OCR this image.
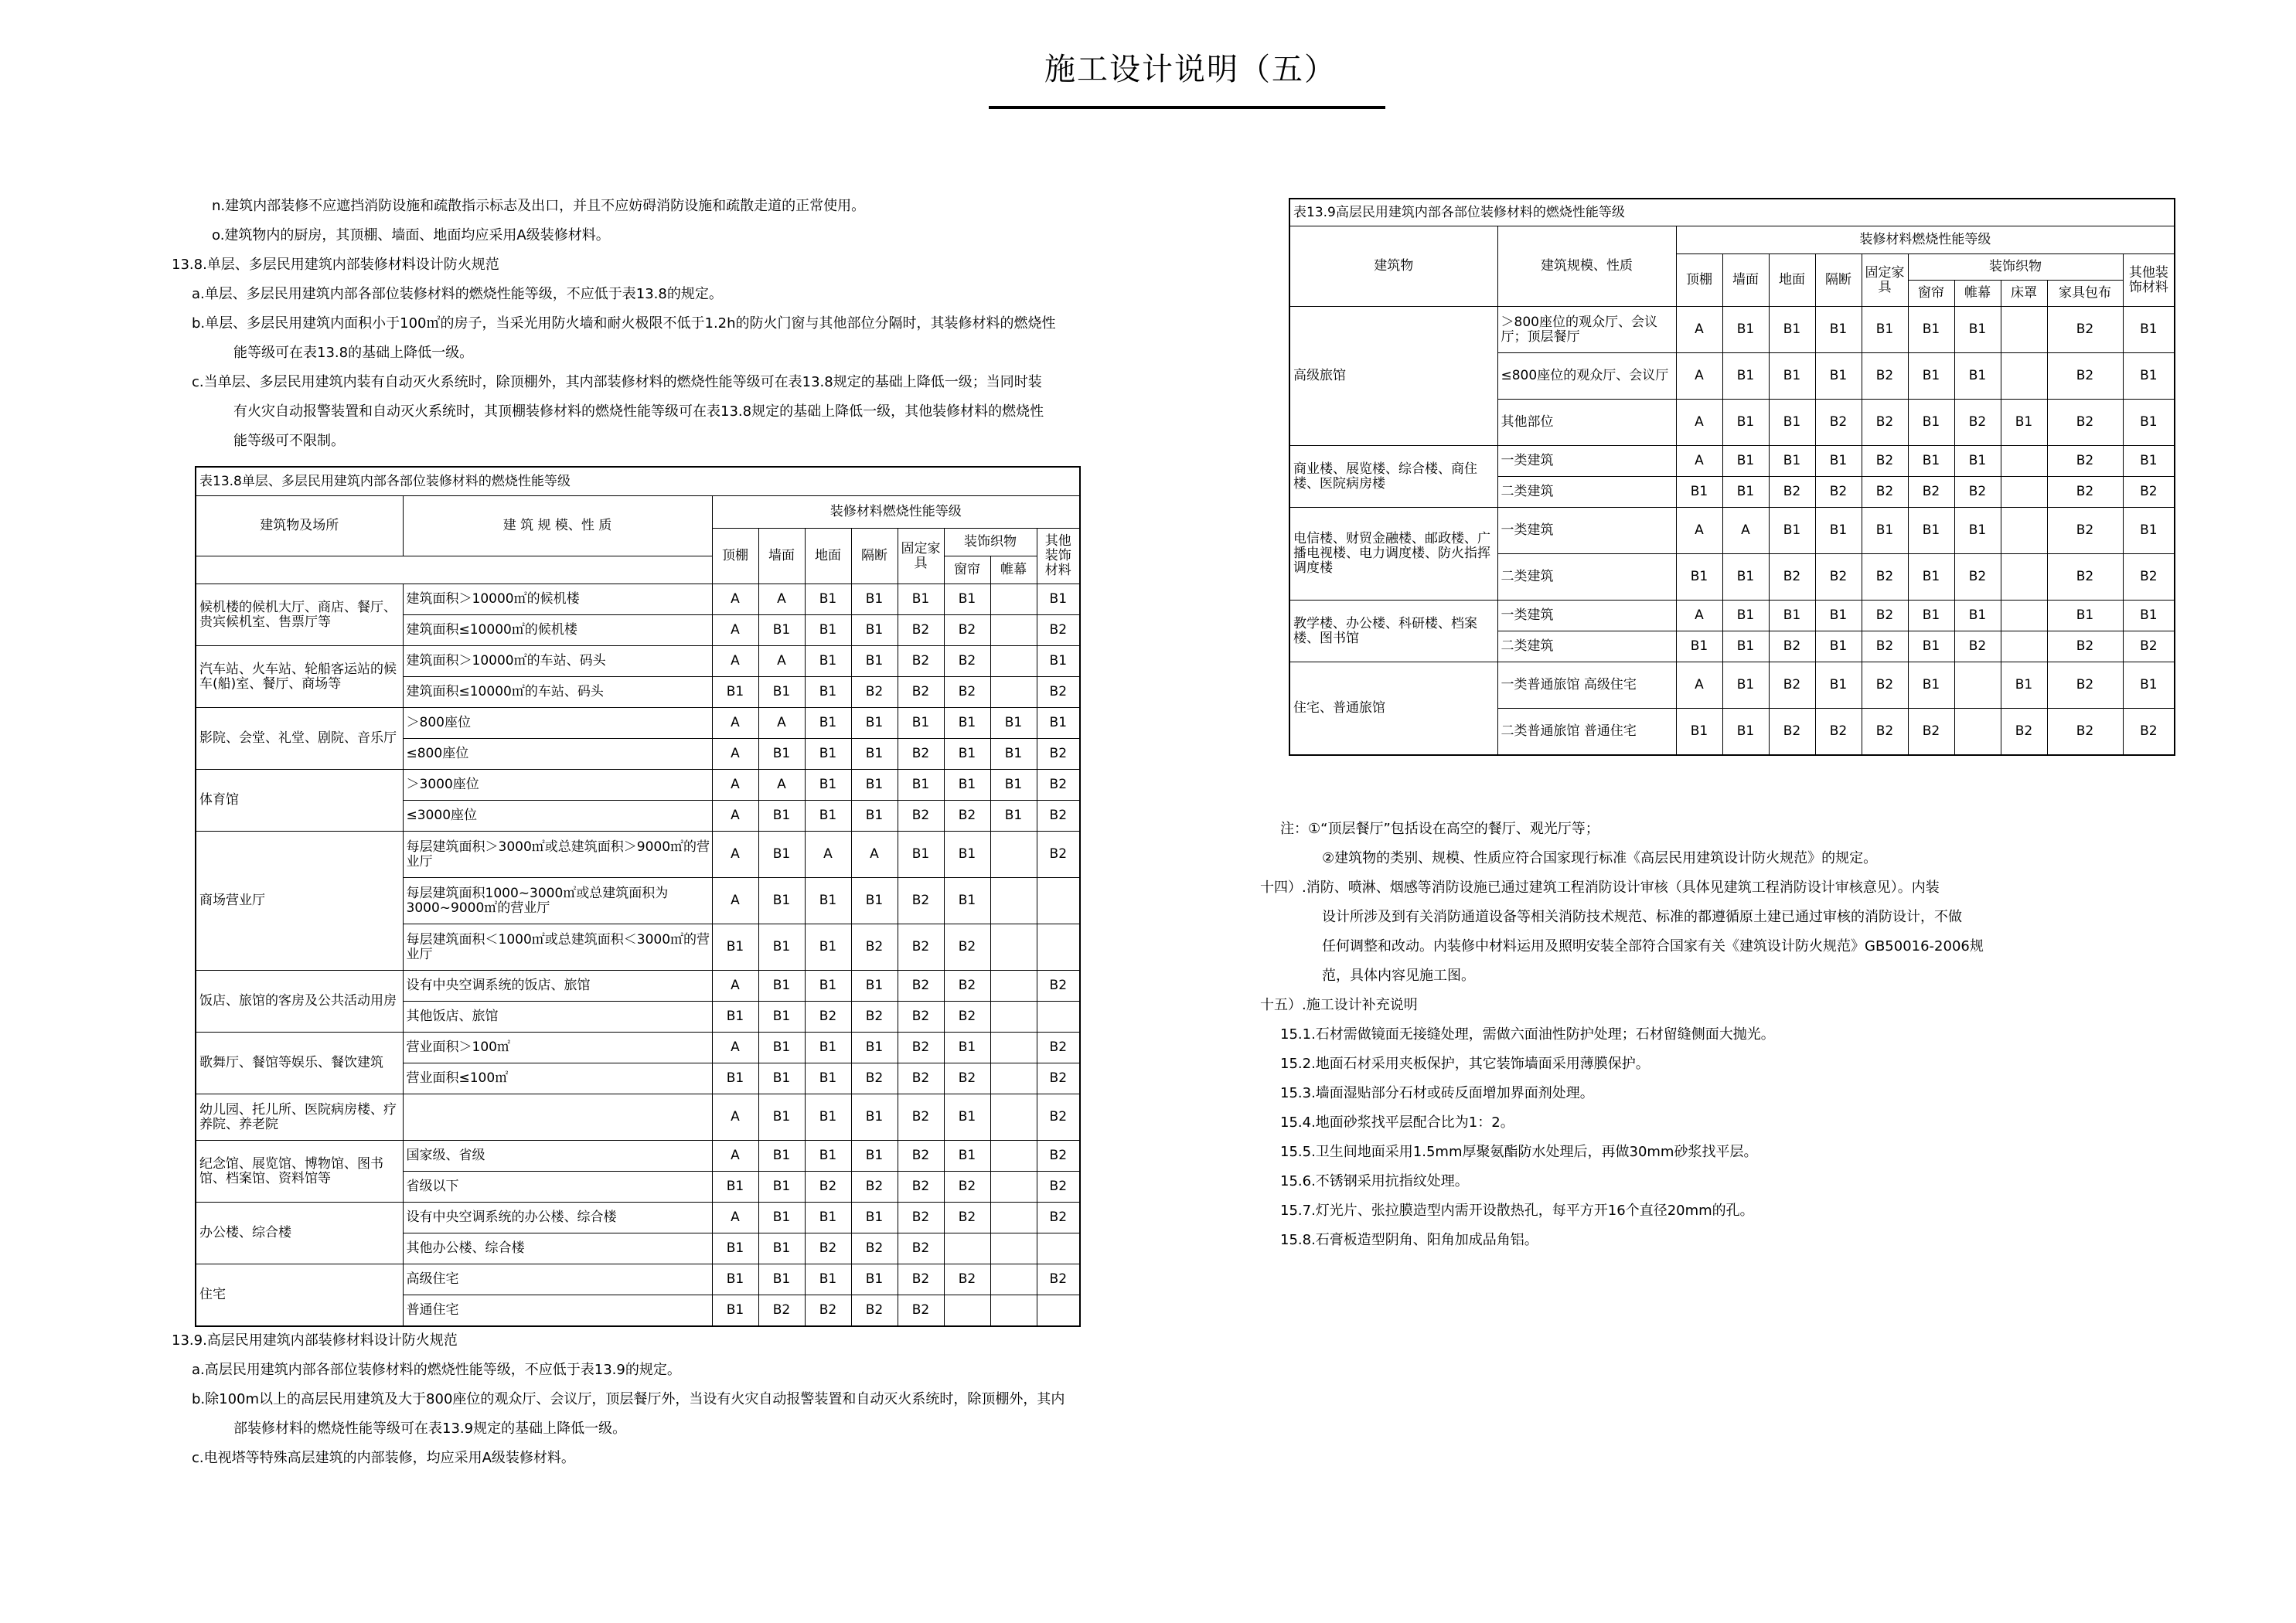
施工设计说明（五）
n.建筑内部装修不应遮挡消防设施和疏散指示标志及出口，并且不应妨碍消防设施和疏散走道的正常使用。
o.建筑物内的厨房，其顶棚、墙面、地面均应采用A级装修材料。
13.8.单层、多层民用建筑内部装修材料设计防火规范
a.单层、多层民用建筑内部各部位装修材料的燃烧性能等级，不应低于表13.8的规定。
b.单层、多层民用建筑内面积小于100㎡的房子，当采光用防火墙和耐火极限不低于1.2h的防火门窗与其他部位分隔时，其装修材料的燃烧性
能等级可在表13.8的基础上降低一级。
c.当单层、多层民用建筑内装有自动灭火系统时，除顶棚外，其内部装修材料的燃烧性能等级可在表13.8规定的基础上降低一级；当同时装
有火灾自动报警装置和自动灭火系统时，其顶棚装修材料的燃烧性能等级可在表13.8规定的基础上降低一级，其他装修材料的燃烧性
能等级可不限制。
表13.8单层、多层民用建筑内部各部位装修材料的燃烧性能等级									
建筑物及场所	建 筑 规 模、性 质	装修材料燃烧性能等级							
		顶棚	墙面	地面	隔断	固定家具	装饰织物		其他装饰材料
							窗帘	帷幕	
候机楼的候机大厅、商店、餐厅、贵宾候机室、售票厅等	建筑面积＞10000㎡的候机楼	A	A	B1	B1	B1	B1		B1
	建筑面积≤10000㎡的候机楼	A	B1	B1	B1	B2	B2		B2
汽车站、火车站、轮船客运站的候车(船)室、餐厅、商场等	建筑面积＞10000㎡的车站、码头	A	A	B1	B1	B2	B2		B1
	建筑面积≤10000㎡的车站、码头	B1	B1	B1	B2	B2	B2		B2
影院、会堂、礼堂、剧院、音乐厅	＞800座位	A	A	B1	B1	B1	B1	B1	B1
	≤800座位	A	B1	B1	B1	B2	B1	B1	B2
体育馆	＞3000座位	A	A	B1	B1	B1	B1	B1	B2
	≤3000座位	A	B1	B1	B1	B2	B2	B1	B2
商场营业厅	每层建筑面积＞3000㎡或总建筑面积＞9000㎡的营业厅	A	B1	A	A	B1	B1		B2
	每层建筑面积1000~3000㎡或总建筑面积为3000~9000㎡的营业厅	A	B1	B1	B1	B2	B1		
	每层建筑面积＜1000㎡或总建筑面积＜3000㎡的营业厅	B1	B1	B1	B2	B2	B2		
饭店、旅馆的客房及公共活动用房	设有中央空调系统的饭店、旅馆	A	B1	B1	B1	B2	B2		B2
	其他饭店、旅馆	B1	B1	B2	B2	B2	B2		
歌舞厅、餐馆等娱乐、餐饮建筑	营业面积＞100㎡	A	B1	B1	B1	B2	B1		B2
	营业面积≤100㎡	B1	B1	B1	B2	B2	B2		B2
幼儿园、托儿所、医院病房楼、疗养院、养老院		A	B1	B1	B1	B2	B1		B2
纪念馆、展览馆、博物馆、图书馆、档案馆、资料馆等	国家级、省级	A	B1	B1	B1	B2	B1		B2
	省级以下	B1	B1	B2	B2	B2	B2		B2
办公楼、综合楼	设有中央空调系统的办公楼、综合楼	A	B1	B1	B1	B2	B2		B2
	其他办公楼、综合楼	B1	B1	B2	B2	B2			
住宅	高级住宅	B1	B1	B1	B1	B2	B2		B2
	普通住宅	B1	B2	B2	B2	B2			
13.9.高层民用建筑内部装修材料设计防火规范
a.高层民用建筑内部各部位装修材料的燃烧性能等级，不应低于表13.9的规定。
b.除100m以上的高层民用建筑及大于800座位的观众厅、会议厅，顶层餐厅外，当设有火灾自动报警装置和自动灭火系统时，除顶棚外，其内
部装修材料的燃烧性能等级可在表13.9规定的基础上降低一级。
c.电视塔等特殊高层建筑的内部装修，均应采用A级装修材料。
表13.9高层民用建筑内部各部位装修材料的燃烧性能等级											
建筑物	建筑规模、性质	装修材料燃烧性能等级									
		顶棚	墙面	地面	隔断	固定家具	装饰织物				其他装饰材料
							窗帘	帷幕	床罩	家具包布	
高级旅馆	＞800座位的观众厅、会议厅；顶层餐厅	A	B1	B1	B1	B1	B1	B1		B2	B1
	≤800座位的观众厅、会议厅	A	B1	B1	B1	B2	B1	B1		B2	B1
	其他部位	A	B1	B1	B2	B2	B1	B2	B1	B2	B1
商业楼、展览楼、综合楼、商住楼、医院病房楼	一类建筑	A	B1	B1	B1	B2	B1	B1		B2	B1
	二类建筑	B1	B1	B2	B2	B2	B2	B2		B2	B2
电信楼、财贸金融楼、邮政楼、广播电视楼、电力调度楼、防火指挥调度楼	一类建筑	A	A	B1	B1	B1	B1	B1		B2	B1
	二类建筑	B1	B1	B2	B2	B2	B1	B2		B2	B2
教学楼、办公楼、科研楼、档案楼、图书馆	一类建筑	A	B1	B1	B1	B2	B1	B1		B1	B1
	二类建筑	B1	B1	B2	B1	B2	B1	B2		B2	B2
住宅、普通旅馆	一类普通旅馆 高级住宅	A	B1	B2	B1	B2	B1		B1	B2	B1
	二类普通旅馆 普通住宅	B1	B1	B2	B2	B2	B2		B2	B2	B2
注：①“顶层餐厅”包括设在高空的餐厅、观光厅等；
②建筑物的类别、规模、性质应符合国家现行标准《高层民用建筑设计防火规范》的规定。
十四）.消防、喷淋、烟感等消防设施已通过建筑工程消防设计审核（具体见建筑工程消防设计审核意见）。内装
设计所涉及到有关消防通道设备等相关消防技术规范、标准的都遵循原土建已通过审核的消防设计，不做
任何调整和改动。内装修中材料运用及照明安装全部符合国家有关《建筑设计防火规范》GB50016-2006规
范，具体内容见施工图。
十五）.施工设计补充说明
15.1.石材需做镜面无接缝处理，需做六面油性防护处理；石材留缝侧面大抛光。
15.2.地面石材采用夹板保护，其它装饰墙面采用薄膜保护。
15.3.墙面湿贴部分石材或砖反面增加界面剂处理。
15.4.地面砂浆找平层配合比为1：2。
15.5.卫生间地面采用1.5mm厚聚氨酯防水处理后，再做30mm砂浆找平层。
15.6.不锈钢采用抗指纹处理。
15.7.灯光片、张拉膜造型内需开设散热孔，每平方开16个直径20mm的孔。
15.8.石膏板造型阴角、阳角加成品角铝。
